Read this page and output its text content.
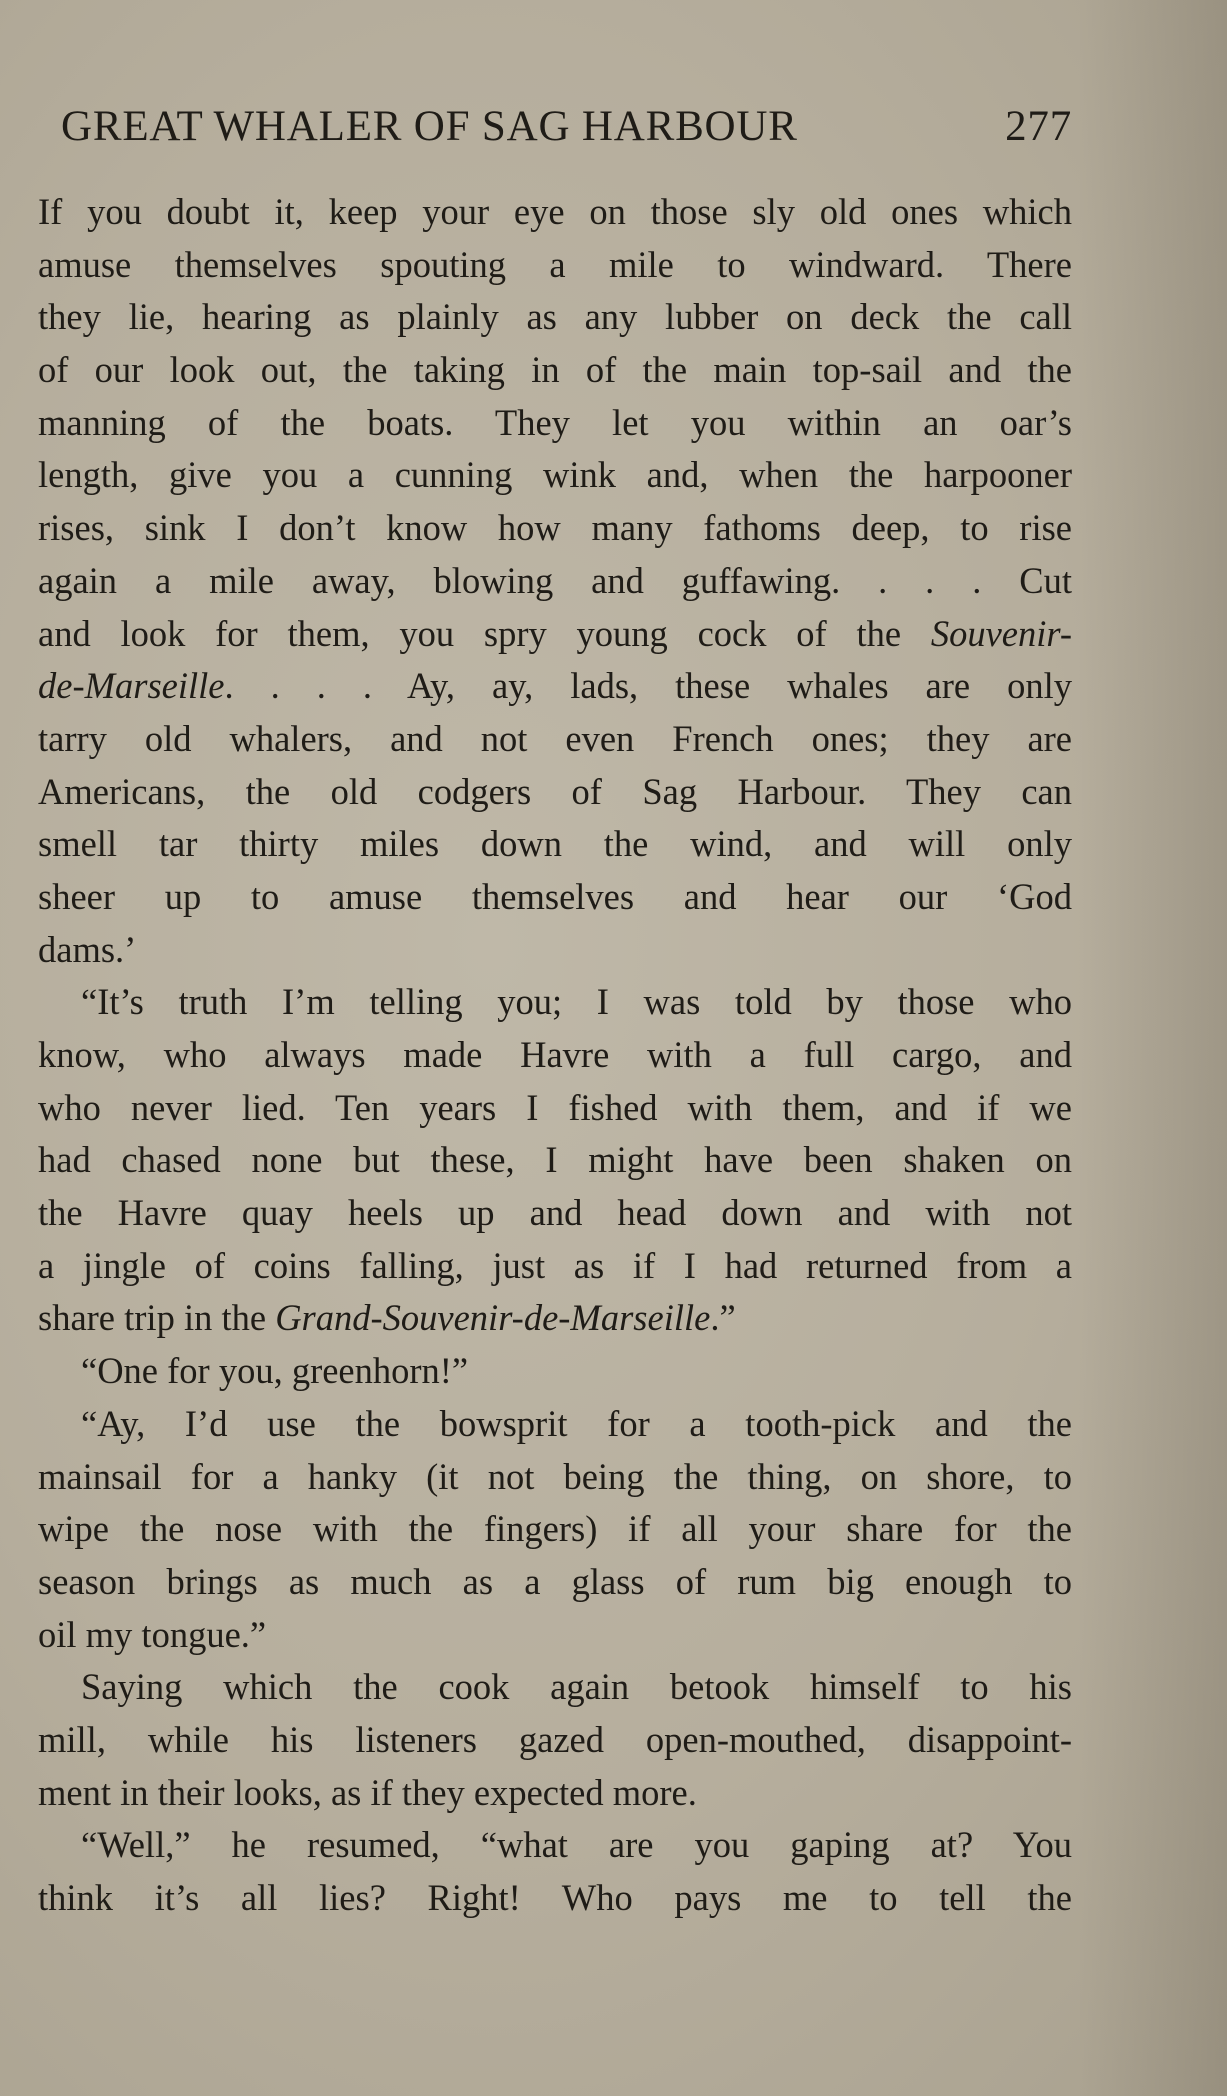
GREAT WHALER OF SAG HARBOUR	277
If you doubt it, keep your eye on those sly old ones which
amuse themselves spouting a mile to windward. There
they lie, hearing as plainly as any lubber on deck the call
of our look out, the taking in of the main top-sail and the
manning of the boats. They let you within an oar’s
length, give you a cunning wink and, when the harpooner
rises, sink I don’t know how many fathoms deep, to rise
again a mile away, blowing and guffawing. . . . Cut
and look for them, you spry young cock of the Souvenir-
de-Marseille. . . . Ay, ay, lads, these whales are only
tarry old whalers, and not even French ones; they are
Americans, the old codgers of Sag Harbour. They can
smell tar thirty miles down the wind, and will only
sheer up to amuse themselves and hear our ‘God
dams.’
“It’s truth I’m telling you; I was told by those who
know, who always made Havre with a full cargo, and
who never lied. Ten years I fished with them, and if we
had chased none but these, I might have been shaken on
the Havre quay heels up and head down and with not
a jingle of coins falling, just as if I had returned from a
share trip in the Grand-Souvenir-de-Marseille.”
“One for you, greenhorn!”
“Ay, I’d use the bowsprit for a tooth-pick and the
mainsail for a hanky (it not being the thing, on shore, to
wipe the nose with the fingers) if all your share for the
season brings as much as a glass of rum big enough to
oil my tongue.”
Saying which the cook again betook himself to his
mill, while his listeners gazed open-mouthed, disappoint-
ment in their looks, as if they expected more.
“Well,” he resumed, “what are you gaping at? You
think it’s all lies? Right! Who pays me to tell the
